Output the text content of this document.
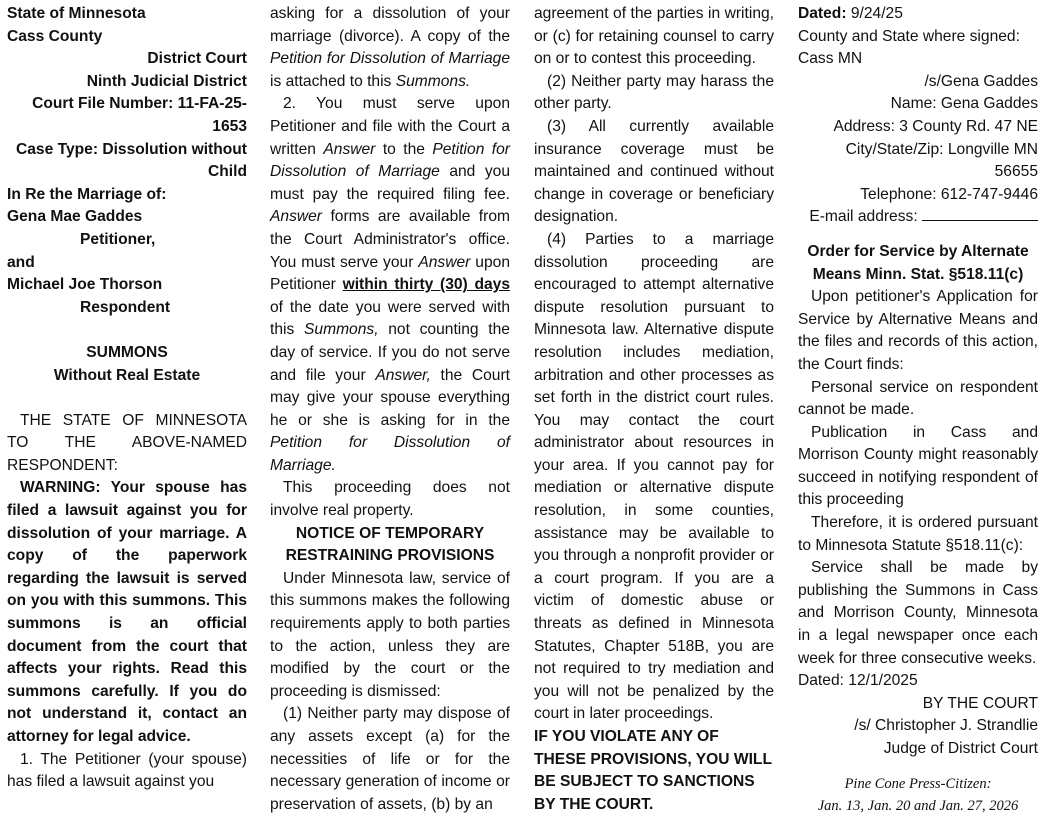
State of Minnesota

Cass County

District Court

Ninth Judicial District

Court File Number: 11-FA-25-1653

Case Type: Dissolution without Child

In Re the Marriage of:

Gena Mae Gaddes

Petitioner,

and

Michael Joe Thorson

Respondent

SUMMONS

Without Real Estate

THE STATE OF MINNESOTA TO THE ABOVE-NAMED RESPONDENT:

WARNING: Your spouse has filed a lawsuit against you for dissolution of your marriage. A copy of the paperwork regarding the lawsuit is served on you with this summons. This summons is an official document from the court that affects your rights. Read this summons carefully. If you do not understand it, contact an attorney for legal advice.

1. The Petitioner (your spouse) has filed a lawsuit against you

asking for a dissolution of your marriage (divorce). A copy of the Petition for Dissolution of Marriage is attached to this Summons.

2. You must serve upon Petitioner and file with the Court a written Answer to the Petition for Dissolution of Marriage and you must pay the required filing fee. Answer forms are available from the Court Administrator's office. You must serve your Answer upon Petitioner within thirty (30) days of the date you were served with this Summons, not counting the day of service. If you do not serve and file your Answer, the Court may give your spouse everything he or she is asking for in the Petition for Dissolution of Marriage.

This proceeding does not involve real property.

NOTICE OF TEMPORARY RESTRAINING PROVISIONS

Under Minnesota law, service of this summons makes the following requirements apply to both parties to the action, unless they are modified by the court or the proceeding is dismissed:

(1) Neither party may dispose of any assets except (a) for the necessities of life or for the necessary generation of income or preservation of assets, (b) by an

agreement of the parties in writing, or (c) for retaining counsel to carry on or to contest this proceeding.

(2) Neither party may harass the other party.

(3) All currently available insurance coverage must be maintained and continued without change in coverage or beneficiary designation.

(4) Parties to a marriage dissolution proceeding are encouraged to attempt alternative dispute resolution pursuant to Minnesota law. Alternative dispute resolution includes mediation, arbitration and other processes as set forth in the district court rules. You may contact the court administrator about resources in your area. If you cannot pay for mediation or alternative dispute resolution, in some counties, assistance may be available to you through a nonprofit provider or a court program. If you are a victim of domestic abuse or threats as defined in Minnesota Statutes, Chapter 518B, you are not required to try mediation and you will not be penalized by the court in later proceedings.

IF YOU VIOLATE ANY OF THESE PROVISIONS, YOU WILL BE SUBJECT TO SANCTIONS BY THE COURT.

Dated: 9/24/25

County and State where signed: Cass MN

/s/Gena Gaddes

Name: Gena Gaddes

Address: 3 County Rd. 47 NE

City/State/Zip: Longville MN 56655

Telephone: 612-747-9446

E-mail address:

Order for Service by Alternate Means Minn. Stat. §518.11(c)

Upon petitioner's Application for Service by Alternative Means and the files and records of this action, the Court finds:

Personal service on respondent cannot be made.

Publication in Cass and Morrison County might reasonably succeed in notifying respondent of this proceeding

Therefore, it is ordered pursuant to Minnesota Statute §518.11(c):

Service shall be made by publishing the Summons in Cass and Morrison County, Minnesota in a legal newspaper once each week for three consecutive weeks.

Dated: 12/1/2025

BY THE COURT

/s/ Christopher J. Strandlie

Judge of District Court

Pine Cone Press-Citizen:

Jan. 13, Jan. 20 and Jan. 27, 2026
